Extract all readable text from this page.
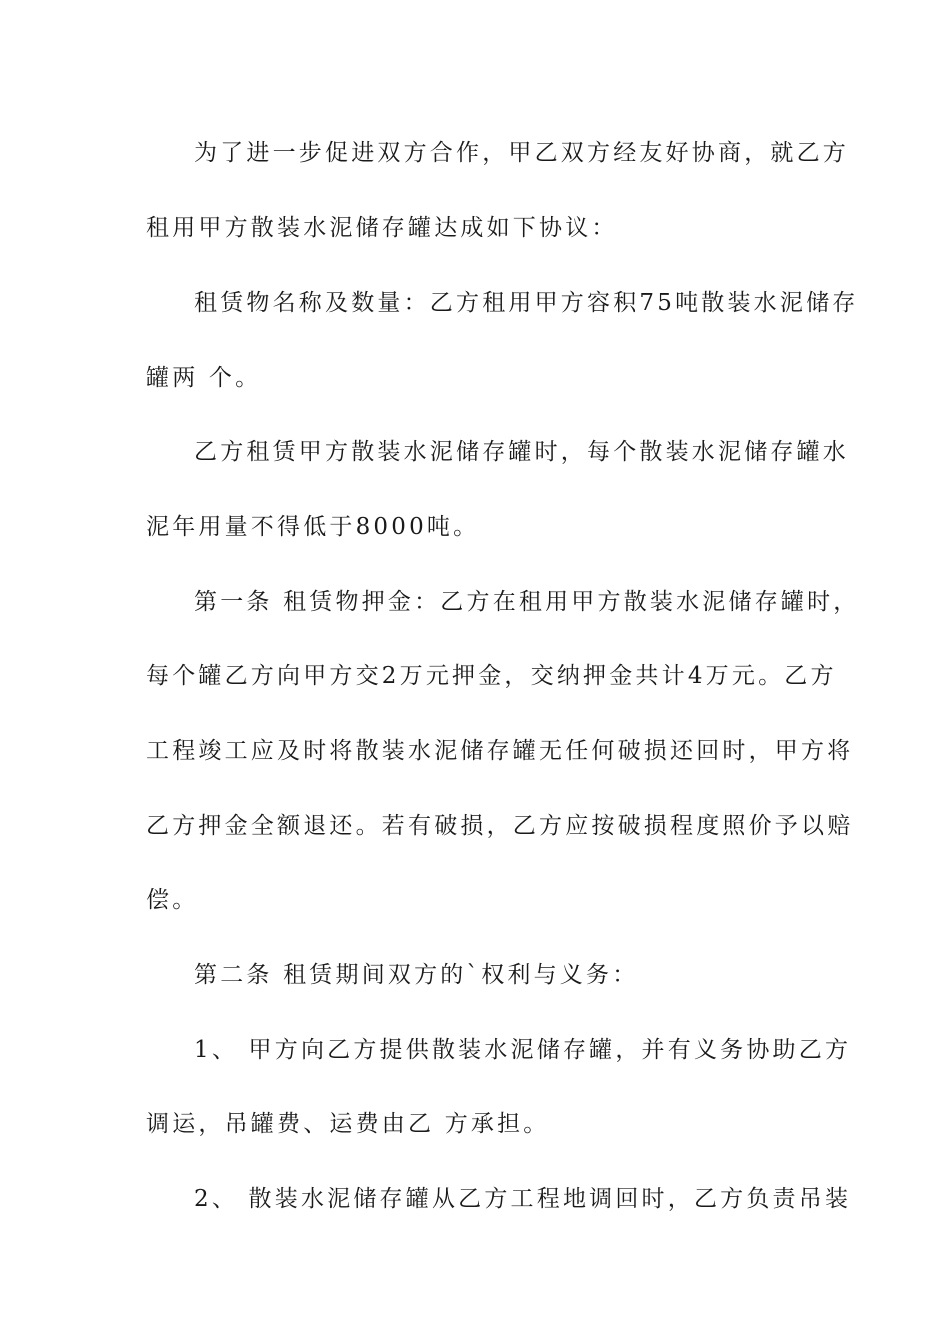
为了进一步促进双方合作，甲乙双方经友好协商，就乙方
租用甲方散装水泥储存罐达成如下协议：
租赁物名称及数量：乙方租用甲方容积75吨散装水泥储存
罐两 个。
乙方租赁甲方散装水泥储存罐时，每个散装水泥储存罐水
泥年用量不得低于8000吨。
第一条 租赁物押金：乙方在租用甲方散装水泥储存罐时，
每个罐乙方向甲方交2万元押金，交纳押金共计4万元。乙方
工程竣工应及时将散装水泥储存罐无任何破损还回时，甲方将
乙方押金全额退还。若有破损，乙方应按破损程度照价予以赔
偿。
第二条 租赁期间双方的`权利与义务：
1、 甲方向乙方提供散装水泥储存罐，并有义务协助乙方
调运，吊罐费、运费由乙 方承担。
2、 散装水泥储存罐从乙方工程地调回时，乙方负责吊装
